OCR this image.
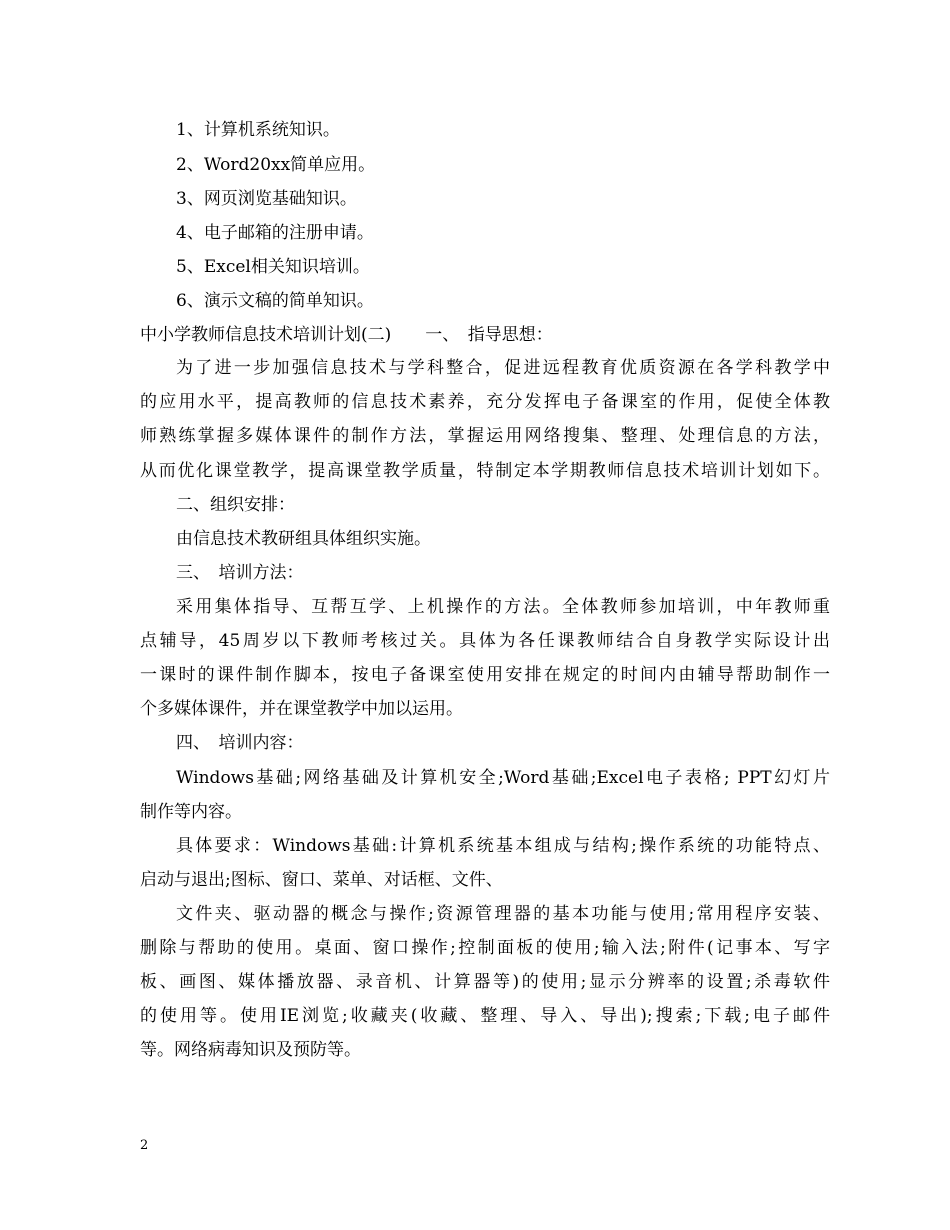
1、计算机系统知识。
2、Word20xx简单应用。
3、网页浏览基础知识。
4、电子邮箱的注册申请。
5、Excel相关知识培训。
6、演示文稿的简单知识。
中小学教师信息技术培训计划(二)　　一、　指导思想：
为了进一步加强信息技术与学科整合，促进远程教育优质资源在各学科教学中
的应用水平，提高教师的信息技术素养，充分发挥电子备课室的作用，促使全体教
师熟练掌握多媒体课件的制作方法，掌握运用网络搜集、整理、处理信息的方法，
从而优化课堂教学，提高课堂教学质量，特制定本学期教师信息技术培训计划如下。
二、组织安排：
由信息技术教研组具体组织实施。
三、　培训方法：
采用集体指导、互帮互学、上机操作的方法。全体教师参加培训，中年教师重
点辅导，45周岁以下教师考核过关。具体为各任课教师结合自身教学实际设计出
一课时的课件制作脚本，按电子备课室使用安排在规定的时间内由辅导帮助制作一
个多媒体课件，并在课堂教学中加以运用。
四、　培训内容：
Windows基础;网络基础及计算机安全;Word基础;Excel电子表格; PPT幻灯片
制作等内容。
具体要求：Windows基础:计算机系统基本组成与结构;操作系统的功能特点、
启动与退出;图标、窗口、菜单、对话框、文件、
文件夹、驱动器的概念与操作;资源管理器的基本功能与使用;常用程序安装、
删除与帮助的使用。桌面、窗口操作;控制面板的使用;输入法;附件(记事本、写字
板、画图、媒体播放器、录音机、计算器等)的使用;显示分辨率的设置;杀毒软件
的使用等。使用IE浏览;收藏夹(收藏、整理、导入、导出);搜索;下载;电子邮件
等。网络病毒知识及预防等。
2
